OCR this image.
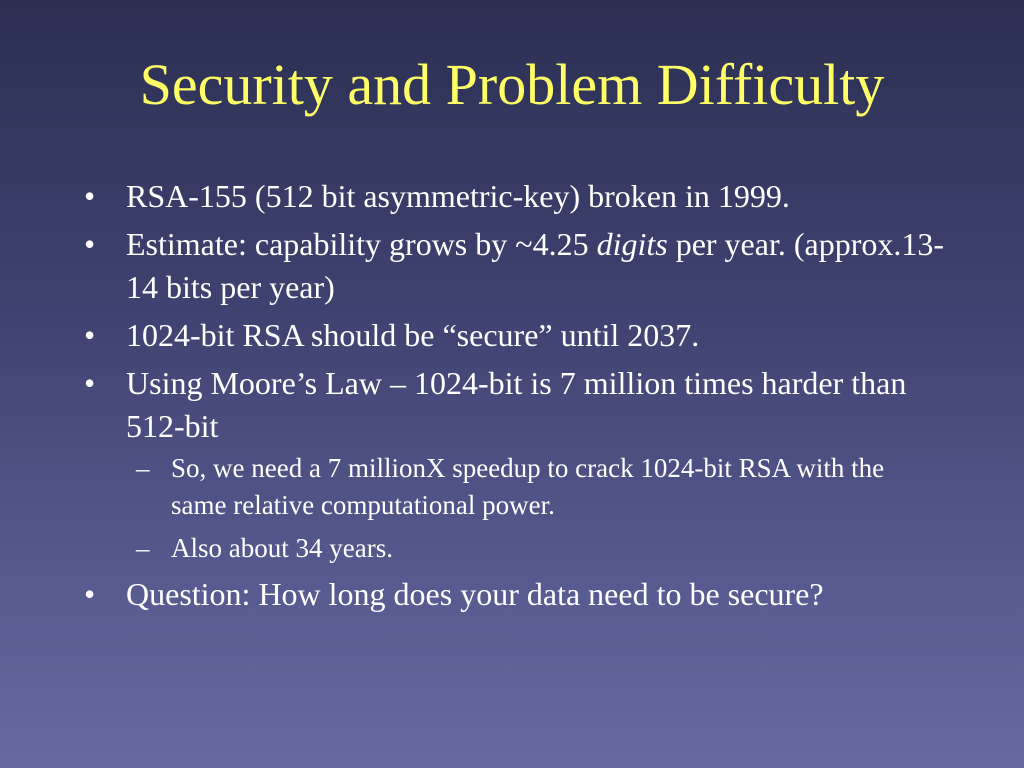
Security and Problem Difficulty
• RSA-155 (512 bit asymmetric-key) broken in 1999.
• Estimate: capability grows by ~4.25 digits per year. (approx.13-14 bits per year)
• 1024-bit RSA should be “secure” until 2037.
• Using Moore’s Law – 1024-bit is 7 million times harder than 512-bit
– So, we need a 7 millionX speedup to crack 1024-bit RSA with the same relative computational power.
– Also about 34 years.
• Question: How long does your data need to be secure?
